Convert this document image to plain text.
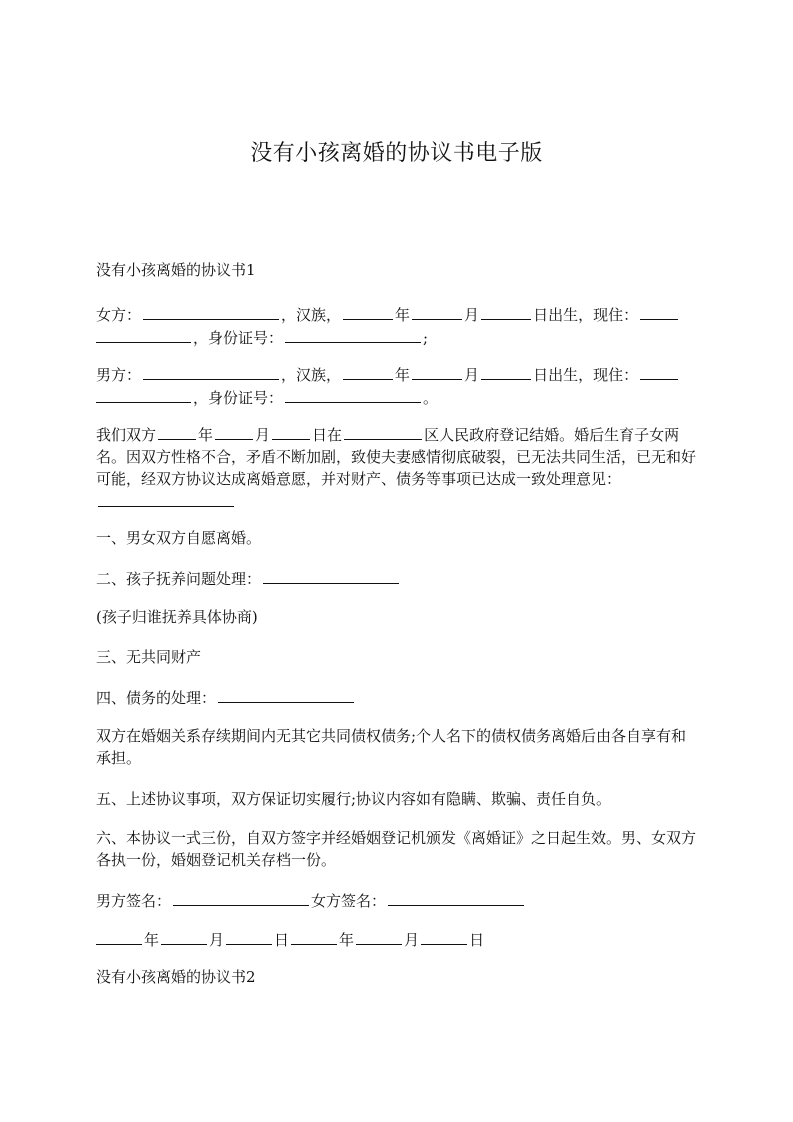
没有小孩离婚的协议书电子版
没有小孩离婚的协议书1
女方：	，汉族，	年	月	日出生，现住：
，身份证号：	;
男方：	，汉族，	年	月	日出生，现住：
，身份证号：	。
我们双方	年	月	日在	区人民政府登记结婚。婚后生育子女两名。因双方性格不合，矛盾不断加剧，致使夫妻感情彻底破裂，已无法共同生活，已无和好可能，经双方协议达成离婚意愿，并对财产、债务等事项已达成一致处理意见：
一、男女双方自愿离婚。
二、孩子抚养问题处理：
(孩子归谁抚养具体协商)
三、无共同财产
四、债务的处理：
双方在婚姻关系存续期间内无其它共同债权债务;个人名下的债权债务离婚后由各自享有和承担。
五、上述协议事项，双方保证切实履行;协议内容如有隐瞒、欺骗、责任自负。
六、本协议一式三份，自双方签字并经婚姻登记机颁发《离婚证》之日起生效。男、女双方各执一份，婚姻登记机关存档一份。
男方签名：	女方签名：
年	月	日	年	月	日
没有小孩离婚的协议书2
